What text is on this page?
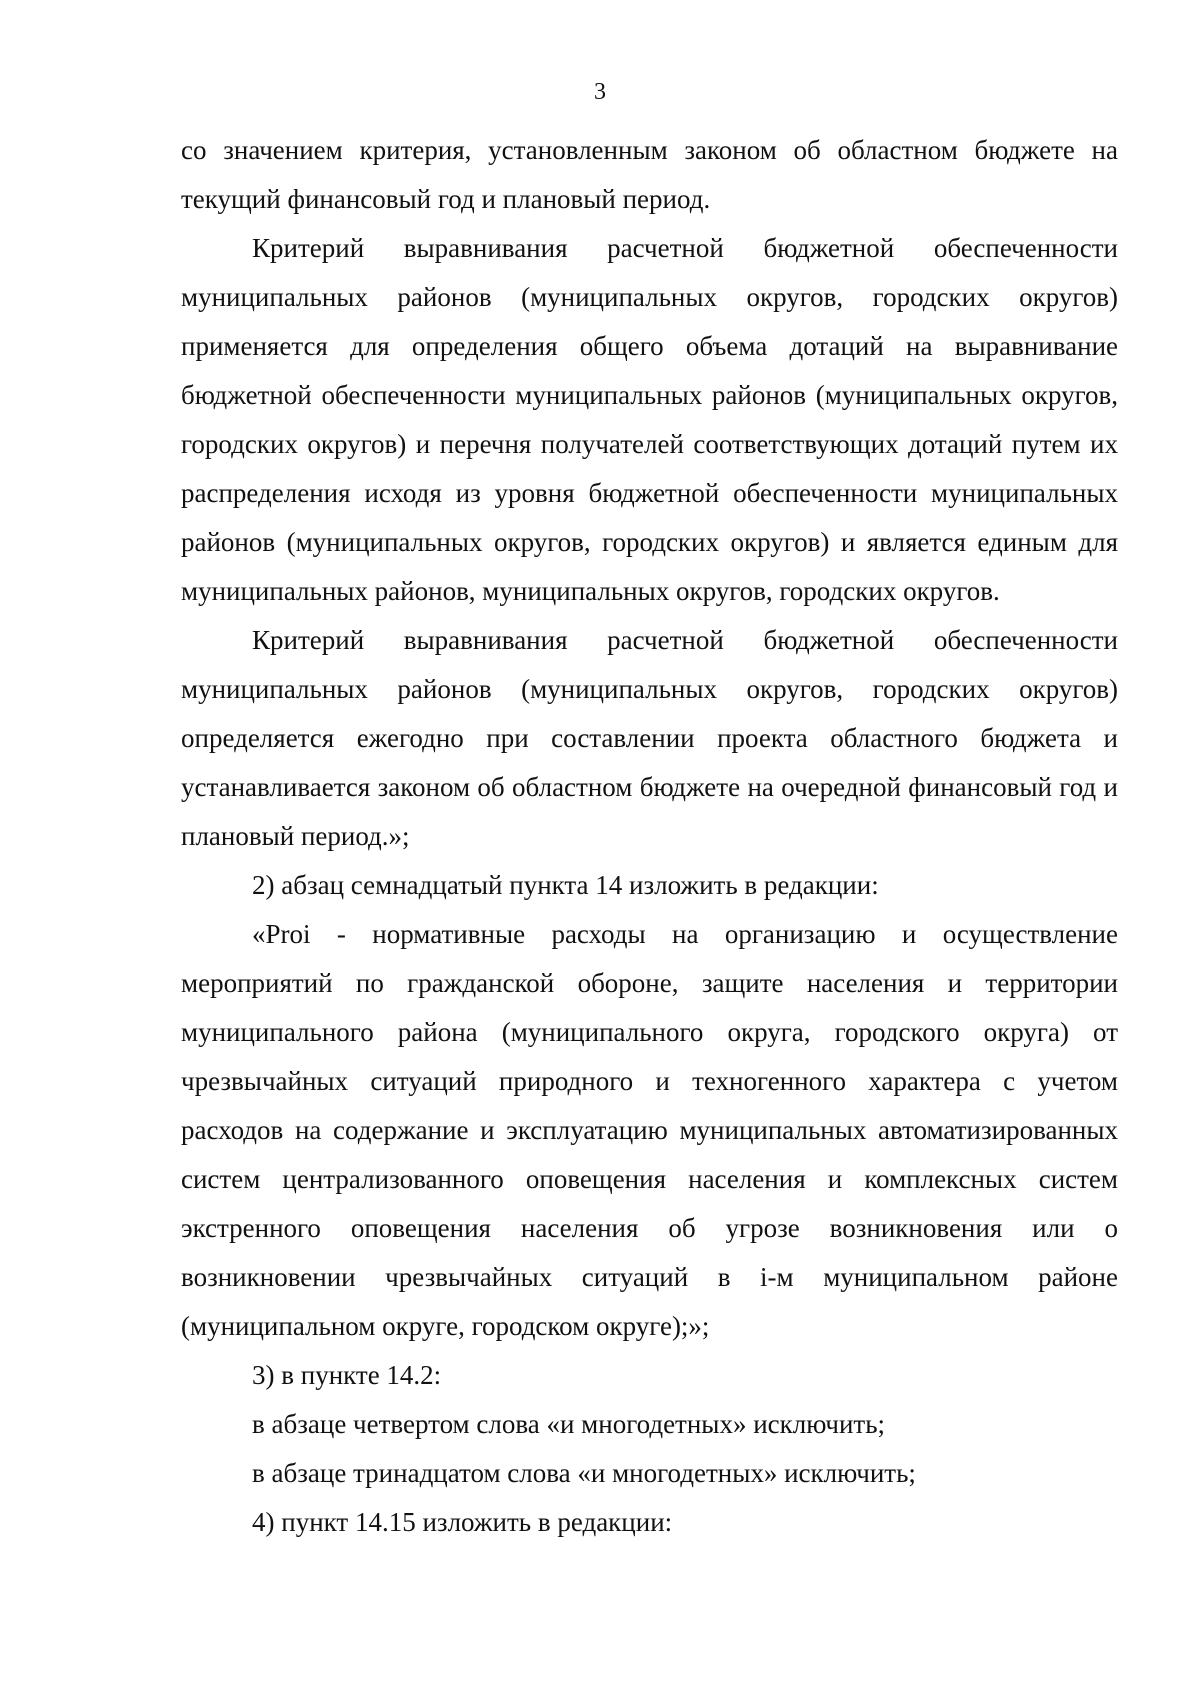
3

со значением критерия, установленным законом об областном бюджете на текущий финансовый год и плановый период.

Критерий выравнивания расчетной бюджетной обеспеченности муниципальных районов (муниципальных округов, городских округов) применяется для определения общего объема дотаций на выравнивание бюджетной обеспеченности муниципальных районов (муниципальных округов, городских округов) и перечня получателей соответствующих дотаций путем их распределения исходя из уровня бюджетной обеспеченности муниципальных районов (муниципальных округов, городских округов) и является единым для муниципальных районов, муниципальных округов, городских округов.

Критерий выравнивания расчетной бюджетной обеспеченности муниципальных районов (муниципальных округов, городских округов) определяется ежегодно при составлении проекта областного бюджета и устанавливается законом об областном бюджете на очередной финансовый год и плановый период.»;

2) абзац семнадцатый пункта 14 изложить в редакции:

«Proi - нормативные расходы на организацию и осуществление мероприятий по гражданской обороне, защите населения и территории муниципального района (муниципального округа, городского округа) от чрезвычайных ситуаций природного и техногенного характера с учетом расходов на содержание и эксплуатацию муниципальных автоматизированных систем централизованного оповещения населения и комплексных систем экстренного оповещения населения об угрозе возникновения или о возникновении чрезвычайных ситуаций в i-м муниципальном районе (муниципальном округе, городском округе);»;

3) в пункте 14.2:

в абзаце четвертом слова «и многодетных» исключить;

в абзаце тринадцатом слова «и многодетных» исключить;

4) пункт 14.15 изложить в редакции:
